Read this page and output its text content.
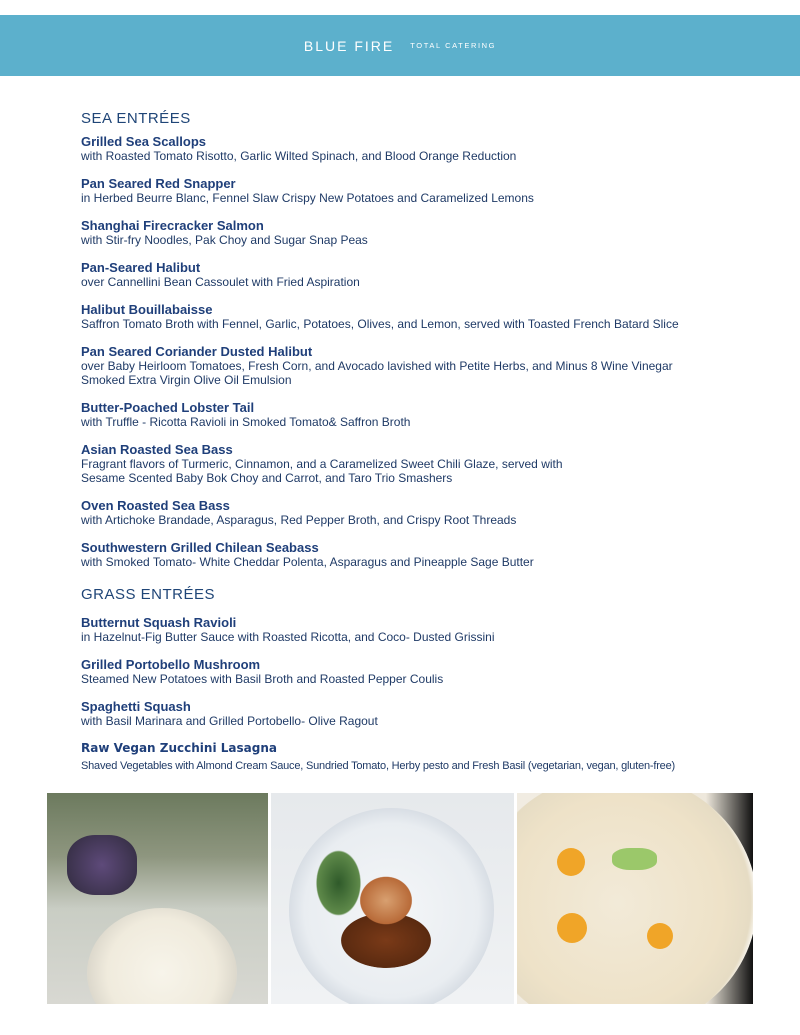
BLUE FIRE TOTAL CATERING
SEA ENTRÉES
Grilled Sea Scallops
with Roasted Tomato Risotto, Garlic Wilted Spinach, and Blood Orange Reduction
Pan Seared Red Snapper
in Herbed Beurre Blanc, Fennel Slaw Crispy New Potatoes and Caramelized Lemons
Shanghai Firecracker Salmon
with Stir-fry Noodles, Pak Choy and Sugar Snap Peas
Pan-Seared Halibut
over Cannellini Bean Cassoulet with Fried Aspiration
Halibut Bouillabaisse
Saffron Tomato Broth with Fennel, Garlic, Potatoes, Olives, and Lemon, served with Toasted French Batard Slice
Pan Seared Coriander Dusted Halibut
over Baby Heirloom Tomatoes, Fresh Corn, and Avocado lavished with Petite Herbs, and Minus 8 Wine Vinegar
Smoked Extra Virgin Olive Oil Emulsion
Butter-Poached Lobster Tail
with Truffle - Ricotta Ravioli in Smoked Tomato& Saffron Broth
Asian Roasted Sea Bass
Fragrant flavors of Turmeric, Cinnamon, and a Caramelized Sweet Chili Glaze, served with
Sesame Scented Baby Bok Choy and Carrot, and Taro Trio Smashers
Oven Roasted Sea Bass
with Artichoke Brandade, Asparagus, Red Pepper Broth, and Crispy Root Threads
Southwestern Grilled Chilean Seabass
with Smoked Tomato- White Cheddar Polenta, Asparagus and Pineapple Sage Butter
GRASS ENTRÉES
Butternut Squash Ravioli
in Hazelnut-Fig Butter Sauce with Roasted Ricotta, and Coco- Dusted Grissini
Grilled Portobello Mushroom
Steamed New Potatoes with Basil Broth and Roasted Pepper Coulis
Spaghetti Squash
with Basil Marinara and Grilled Portobello- Olive Ragout
Raw Vegan Zucchini Lasagna
Shaved Vegetables with Almond Cream Sauce, Sundried Tomato, Herby pesto and Fresh Basil (vegetarian, vegan, gluten-free)
